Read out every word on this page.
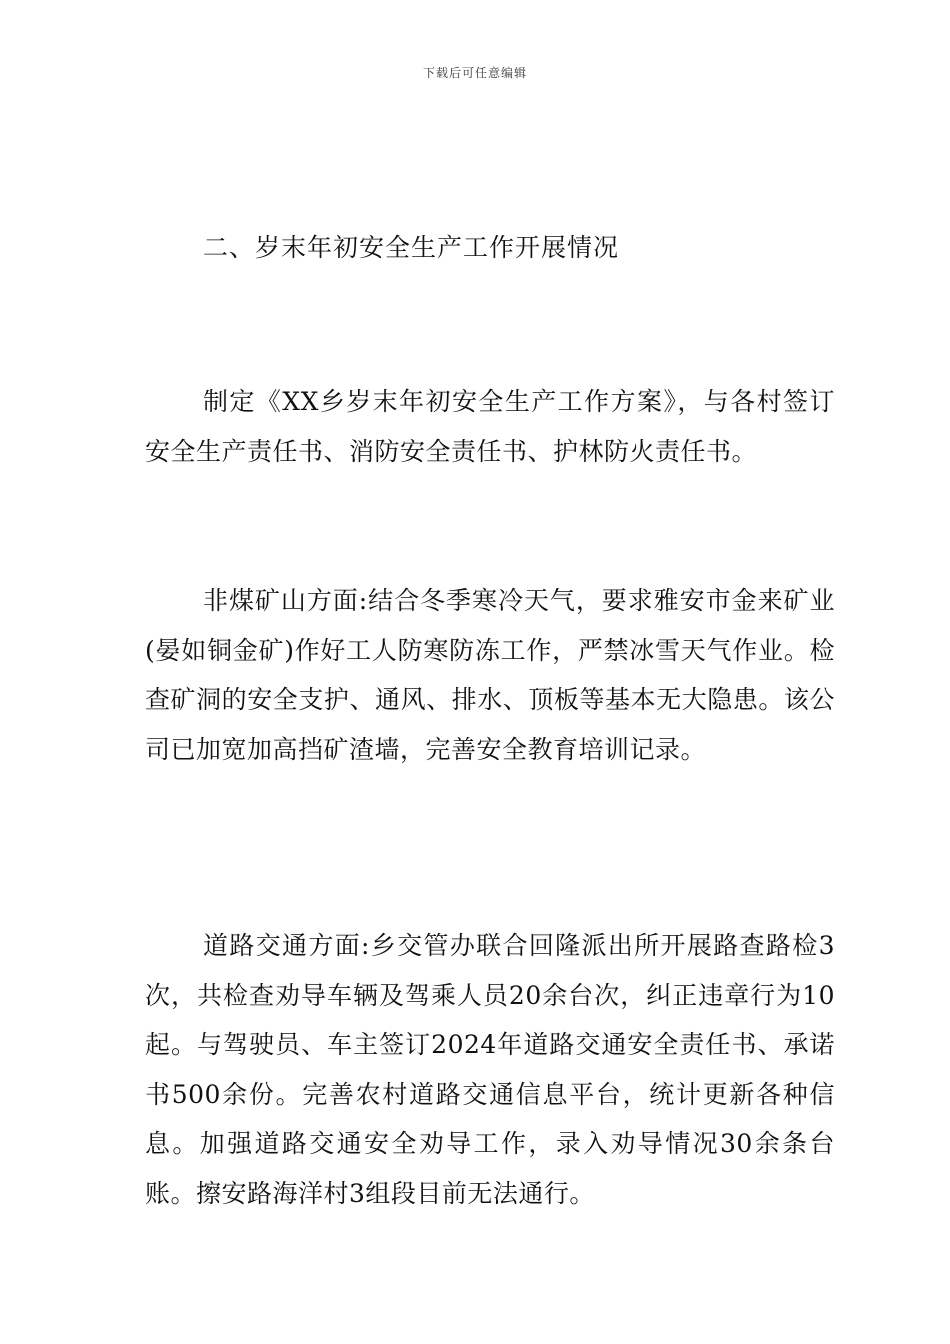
下载后可任意编辑
二、岁末年初安全生产工作开展情况

制定《XX乡岁末年初安全生产工作方案》，与各村签订安全生产责任书、消防安全责任书、护林防火责任书。

非煤矿山方面:结合冬季寒冷天气，要求雅安市金来矿业(晏如铜金矿)作好工人防寒防冻工作，严禁冰雪天气作业。检查矿洞的安全支护、通风、排水、顶板等基本无大隐患。该公司已加宽加高挡矿渣墙，完善安全教育培训记录。

道路交通方面:乡交管办联合回隆派出所开展路查路检3次，共检查劝导车辆及驾乘人员20余台次，纠正违章行为10起。与驾驶员、车主签订2024年道路交通安全责任书、承诺书500余份。完善农村道路交通信息平台，统计更新各种信息。加强道路交通安全劝导工作，录入劝导情况30余条台账。擦安路海洋村3组段目前无法通行。
